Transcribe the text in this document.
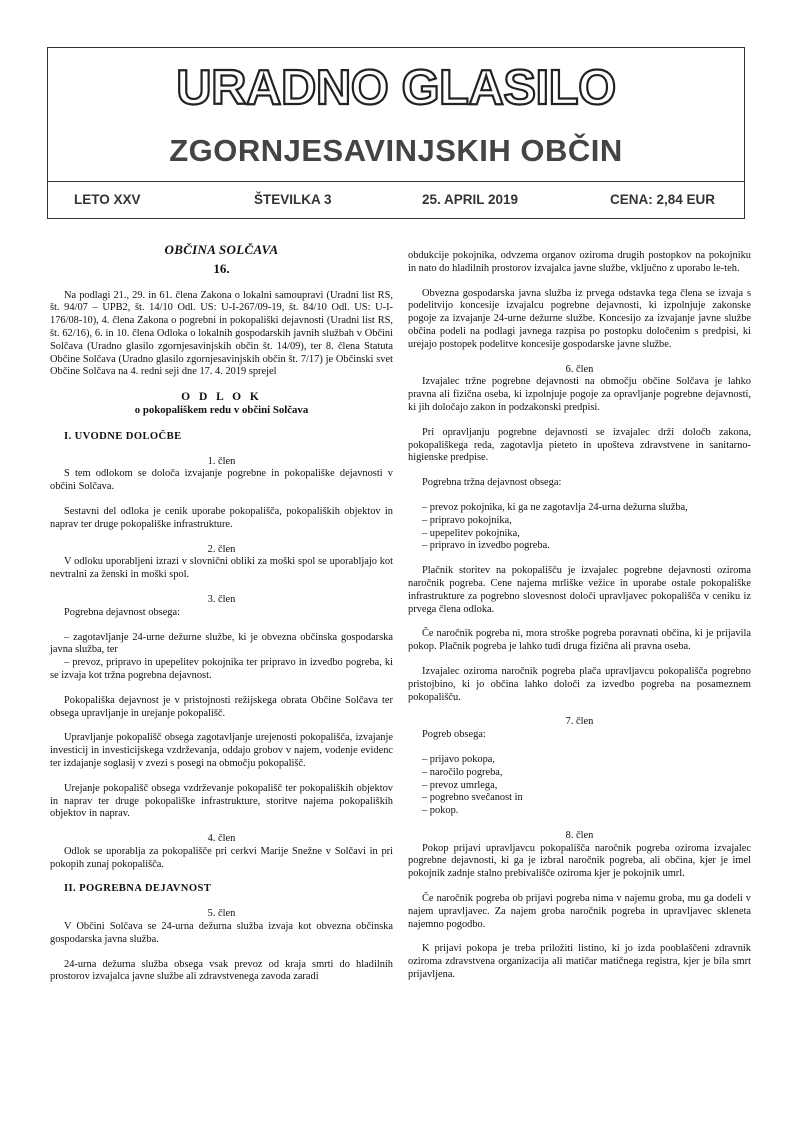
URADNO GLASILO
ZGORNJESAVINJSKIH OBČIN
LETO XXV	ŠTEVILKA 3	25. APRIL 2019	CENA: 2,84 EUR
OBČINA SOLČAVA
16.

Na podlagi 21., 29. in 61. člena Zakona o lokalni samoupravi (Uradni list RS, št. 94/07 – UPB2, št. 14/10 Odl. US: U-I-267/09-19, št. 84/10 Odl. US: U-I-176/08-10), 4. člena Zakona o pogrebni in pokopališki dejavnosti (Uradni list RS, št. 62/16), 6. in 10. člena Odloka o lokalnih gospodarskih javnih službah v Občini Solčava (Uradno glasilo zgornjesavinjskih občin št. 14/09), ter 8. člena Statuta Občine Solčava (Uradno glasilo zgornjesavinjskih občin št. 7/17) je Občinski svet Občine Solčava na 4. redni seji dne 17. 4. 2019 sprejel

O D L O K
o pokopališkem redu v občini Solčava
I. UVODNE DOLOČBE
1. člen

S tem odlokom se določa izvajanje pogrebne in pokopališke dejavnosti v občini Solčava.

Sestavni del odloka je cenik uporabe pokopališča, pokopaliških objektov in naprav ter druge pokopališke infrastrukture.

2. člen

V odloku uporabljeni izrazi v slovnični obliki za moški spol se uporabljajo kot nevtralni za ženski in moški spol.

3. člen

Pogrebna dejavnost obsega:

– zagotavljanje 24-urne dežurne službe, ki je obvezna občinska gospodarska javna služba, ter
– prevoz, pripravo in upepelitev pokojnika ter pripravo in izvedbo pogreba, ki se izvaja kot tržna pogrebna dejavnost.

Pokopališka dejavnost je v pristojnosti režijskega obrata Občine Solčava ter obsega upravljanje in urejanje pokopališč.

Upravljanje pokopališč obsega zagotavljanje urejenosti pokopališča, izvajanje investicij in investicijskega vzdrževanja, oddajo grobov v najem, vodenje evidenc ter izdajanje soglasij v zvezi s posegi na območju pokopališč.

Urejanje pokopališč obsega vzdrževanje pokopališč ter pokopaliških objektov in naprav ter druge pokopališke infrastrukture, storitve najema pokopaliških objektov in naprav.

4. člen

Odlok se uporablja za pokopališče pri cerkvi Marije Snežne v Solčavi in pri pokopih zunaj pokopališča.

II. POGREBNA DEJAVNOST
5. člen

V Občini Solčava se 24-urna dežurna služba izvaja kot obvezna občinska gospodarska javna služba.

24-urna dežurna služba obsega vsak prevoz od kraja smrti do hladilnih prostorov izvajalca javne službe ali zdravstvenega zavoda zaradi

obdukcije pokojnika, odvzema organov oziroma drugih postopkov na pokojniku in nato do hladilnih prostorov izvajalca javne službe, vključno z uporabo le-teh.

Obvezna gospodarska javna služba iz prvega odstavka tega člena se izvaja s podelitvijo koncesije izvajalcu pogrebne dejavnosti, ki izpolnjuje zakonske pogoje za izvajanje 24-urne dežurne službe. Koncesijo za izvajanje javne službe občina podeli na podlagi javnega razpisa po postopku določenim s predpisi, ki urejajo postopek podelitve koncesije gospodarske javne službe.

6. člen

Izvajalec tržne pogrebne dejavnosti na območju občine Solčava je lahko pravna ali fizična oseba, ki izpolnjuje pogoje za opravljanje pogrebne dejavnosti, ki jih določajo zakon in podzakonski predpisi.

Pri opravljanju pogrebne dejavnosti se izvajalec drži določb zakona, pokopališkega reda, zagotavlja pieteto in upošteva zdravstvene in sanitarno-higienske predpise.

Pogrebna tržna dejavnost obsega:

– prevoz pokojnika, ki ga ne zagotavlja 24-urna dežurna služba,
– pripravo pokojnika,
– upepelitev pokojnika,
– pripravo in izvedbo pogreba.

Plačnik storitev na pokopališču je izvajalec pogrebne dejavnosti oziroma naročnik pogreba. Cene najema mrliške vežice in uporabe ostale pokopališke infrastrukture za pogrebno slovesnost določi upravljavec pokopališča v ceniku iz prvega člena odloka.

Če naročnik pogreba ni, mora stroške pogreba poravnati občina, ki je prijavila pokop. Plačnik pogreba je lahko tudi druga fizična ali pravna oseba.

Izvajalec oziroma naročnik pogreba plača upravljavcu pokopališča pogrebno pristojbino, ki jo občina lahko določi za izvedbo pogreba na posameznem pokopališču.

7. člen

Pogreb obsega:

– prijavo pokopa,
– naročilo pogreba,
– prevoz umrlega,
– pogrebno svečanost in
– pokop.
8. člen

Pokop prijavi upravljavcu pokopališča naročnik pogreba oziroma izvajalec pogrebne dejavnosti, ki ga je izbral naročnik pogreba, ali občina, kjer je imel pokojnik zadnje stalno prebivališče oziroma kjer je pokojnik umrl.

Če naročnik pogreba ob prijavi pogreba nima v najemu groba, mu ga dodeli v najem upravljavec. Za najem groba naročnik pogreba in upravljavec skleneta najemno pogodbo.

K prijavi pokopa je treba priložiti listino, ki jo izda pooblaščeni zdravnik oziroma zdravstvena organizacija ali matičar matičnega registra, kjer je bila smrt prijavljena.
